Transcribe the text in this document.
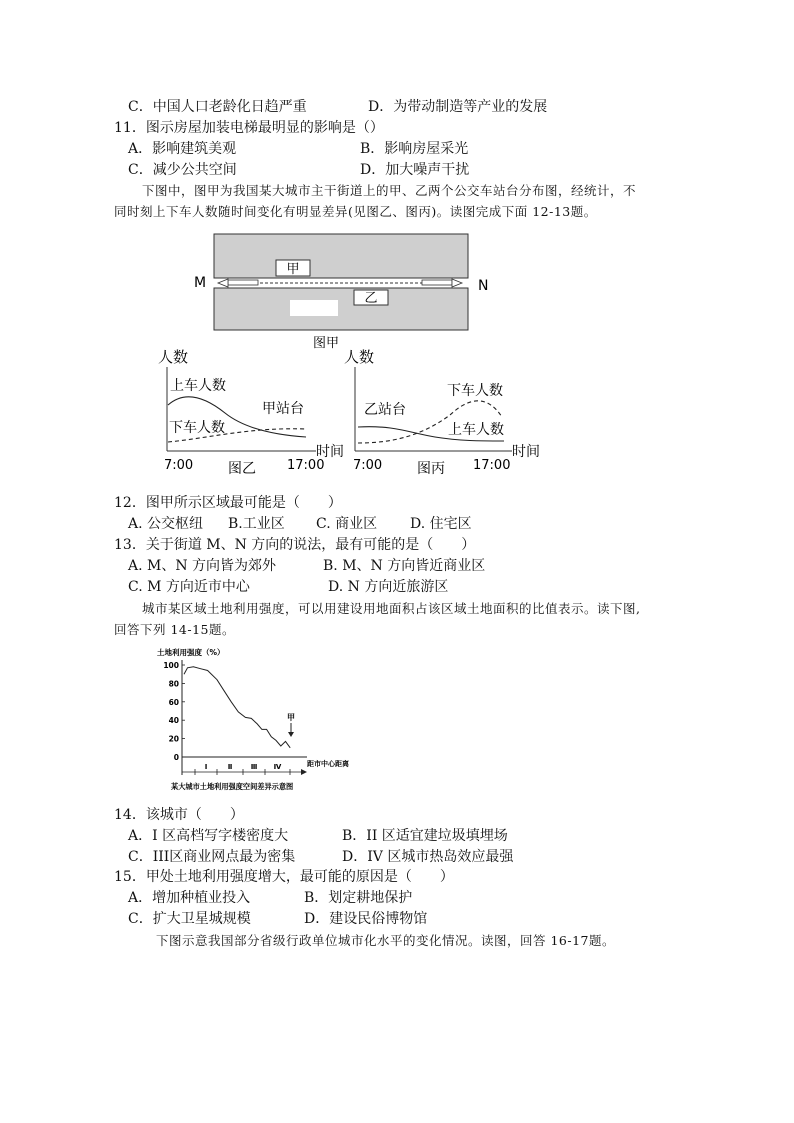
C．中国人口老龄化日趋严重	D．为带动制造等产业的发展
11．图示房屋加装电梯最明显的影响是（）
A．影响建筑美观	B．影响房屋采光
C．减少公共空间	D．加大噪声干扰
下图中，图甲为我国某大城市主干街道上的甲、乙两个公交车站台分布图，经统计，不
同时刻上下车人数随时间变化有明显差异(见图乙、图丙)。读图完成下面 12-13题。
甲
乙
M	N
图甲
人数
时间
上车人数
下车人数
甲站台
7:00 图乙 17:00
人数
时间
下车人数
上车人数
乙站台
7:00 图丙 17:00
12．图甲所示区域最可能是（　　）
A. 公交枢纽 B.工业区 C. 商业区 D. 住宅区
13．关于街道 M、N 方向的说法，最有可能的是（　　）
A. M、N 方向皆为郊外	B. M、N 方向皆近商业区
C. M 方向近市中心	D. N 方向近旅游区
城市某区域土地利用强度，可以用建设用地面积占该区域土地面积的比值表示。读下图,
回答下列 14-15题。
土地利用强度（%）
距市中心距离
某大城市土地利用强度空间差异示意图
100
80
60
40
20
0
Ⅰ	Ⅱ	Ⅲ Ⅳ
甲
14．该城市（　　）
A．I 区高档写字楼密度大	B．II 区适宜建垃圾填埋场
C．III区商业网点最为密集	D．IV 区城市热岛效应最强
15．甲处土地利用强度增大，最可能的原因是（　　）
A．增加种植业投入	B．划定耕地保护
C．扩大卫星城规模	D．建设民俗博物馆
下图示意我国部分省级行政单位城市化水平的变化情况。读图，回答 16-17题。
